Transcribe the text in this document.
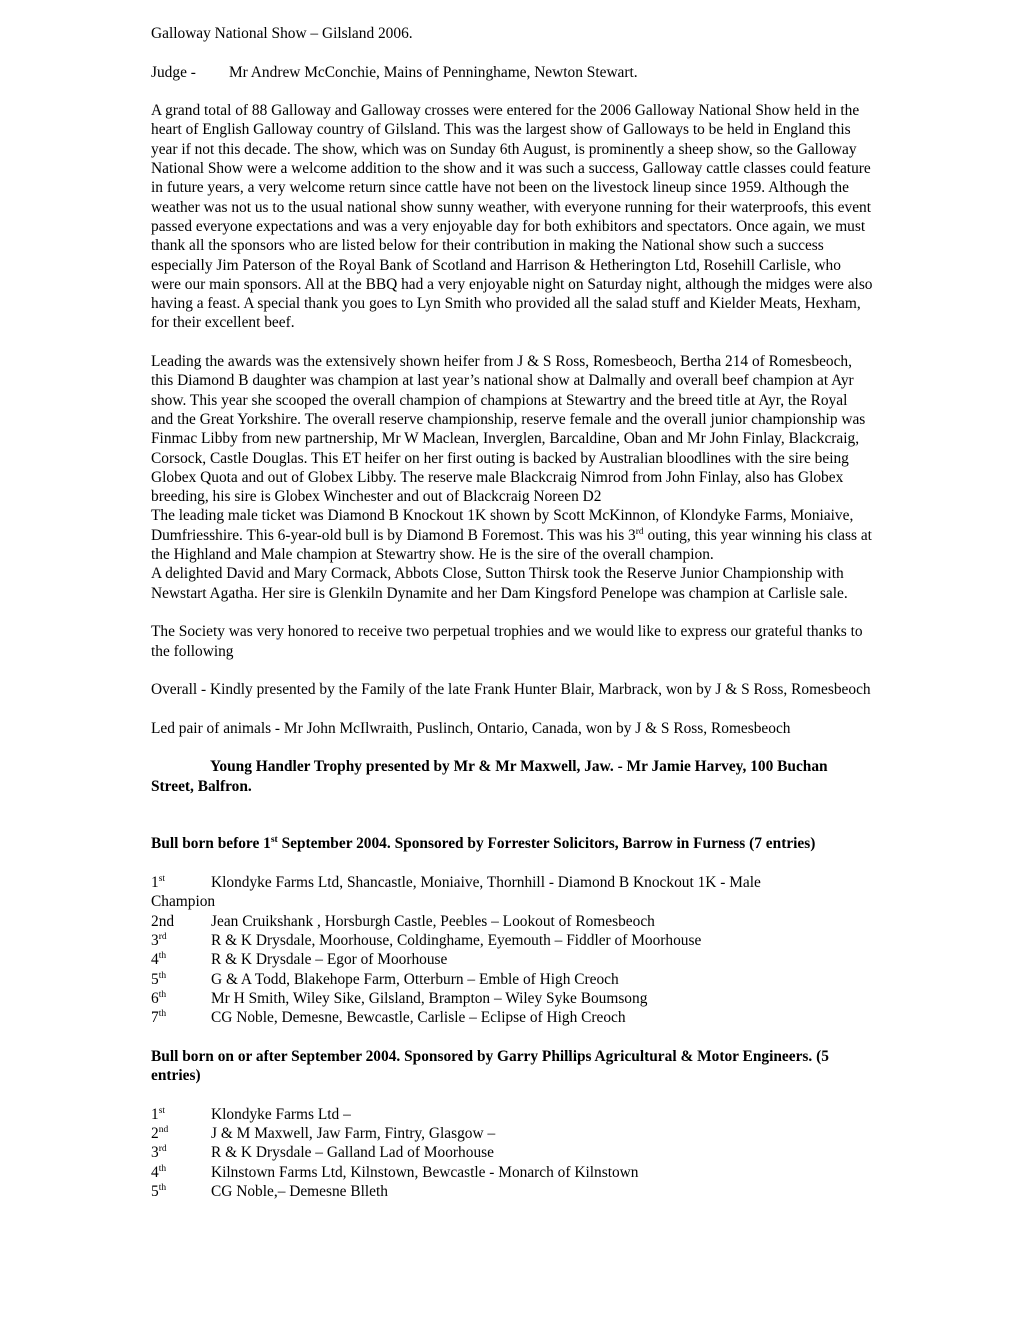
Galloway National Show – Gilsland 2006.

Judge - Mr Andrew McConchie, Mains of Penninghame, Newton Stewart.

A grand total of 88 Galloway and Galloway crosses were entered for the 2006 Galloway National Show held in the heart of English Galloway country of Gilsland. This was the largest show of Galloways to be held in England this year if not this decade. The show, which was on Sunday 6th August, is prominently a sheep show, so the Galloway National Show were a welcome addition to the show and it was such a success, Galloway cattle classes could feature in future years, a very welcome return since cattle have not been on the livestock lineup since 1959. Although the weather was not us to the usual national show sunny weather, with everyone running for their waterproofs, this event passed everyone expectations and was a very enjoyable day for both exhibitors and spectators. Once again, we must thank all the sponsors who are listed below for their contribution in making the National show such a success especially Jim Paterson of the Royal Bank of Scotland and Harrison & Hetherington Ltd, Rosehill Carlisle, who were our main sponsors. All at the BBQ had a very enjoyable night on Saturday night, although the midges were also having a feast. A special thank you goes to Lyn Smith who provided all the salad stuff and Kielder Meats, Hexham, for their excellent beef.

Leading the awards was the extensively shown heifer from J & S Ross, Romesbeoch, Bertha 214 of Romesbeoch, this Diamond B daughter was champion at last year’s national show at Dalmally and overall beef champion at Ayr show. This year she scooped the overall champion of champions at Stewartry and the breed title at Ayr, the Royal and the Great Yorkshire. The overall reserve championship, reserve female and the overall junior championship was Finmac Libby from new partnership, Mr W Maclean, Inverglen, Barcaldine, Oban and Mr John Finlay, Blackcraig, Corsock, Castle Douglas. This ET heifer on her first outing is backed by Australian bloodlines with the sire being Globex Quota and out of Globex Libby. The reserve male Blackcraig Nimrod from John Finlay, also has Globex breeding, his sire is Globex Winchester and out of Blackcraig Noreen D2

The leading male ticket was Diamond B Knockout 1K shown by Scott McKinnon, of Klondyke Farms, Moniaive, Dumfriesshire. This 6-year-old bull is by Diamond B Foremost. This was his 3rd outing, this year winning his class at the Highland and Male champion at Stewartry show. He is the sire of the overall champion.

A delighted David and Mary Cormack, Abbots Close, Sutton Thirsk took the Reserve Junior Championship with Newstart Agatha. Her sire is Glenkiln Dynamite and her Dam Kingsford Penelope was champion at Carlisle sale.

The Society was very honored to receive two perpetual trophies and we would like to express our grateful thanks to the following

Overall - Kindly presented by the Family of the late Frank Hunter Blair, Marbrack, won by J & S Ross, Romesbeoch

Led pair of animals - Mr John McIlwraith, Puslinch, Ontario, Canada, won by J & S Ross, Romesbeoch

Young Handler Trophy presented by Mr & Mr Maxwell, Jaw. - Mr Jamie Harvey, 100 Buchan Street, Balfron.

Bull born before 1st September 2004. Sponsored by Forrester Solicitors, Barrow in Furness (7 entries)

1st	Klondyke Farms Ltd, Shancastle, Moniaive, Thornhill - Diamond B Knockout 1K - Male

Champion

2nd	Jean Cruikshank , Horsburgh Castle, Peebles – Lookout of Romesbeoch
3rd	R & K Drysdale, Moorhouse, Coldinghame, Eyemouth – Fiddler of Moorhouse
4th	R & K Drysdale – Egor of Moorhouse
5th	G & A Todd, Blakehope Farm, Otterburn – Emble of High Creoch
6th	Mr H Smith, Wiley Sike, Gilsland, Brampton – Wiley Syke Boumsong
7th	CG Noble, Demesne, Bewcastle, Carlisle – Eclipse of High Creoch

Bull born on or after September 2004. Sponsored by Garry Phillips Agricultural & Motor Engineers. (5 entries)

1st	Klondyke Farms Ltd –
2nd	J & M Maxwell, Jaw Farm, Fintry, Glasgow –
3rd	R & K Drysdale – Galland Lad of Moorhouse
4th	Kilnstown Farms Ltd, Kilnstown, Bewcastle - Monarch of Kilnstown
5th	CG Noble,– Demesne Blleth
